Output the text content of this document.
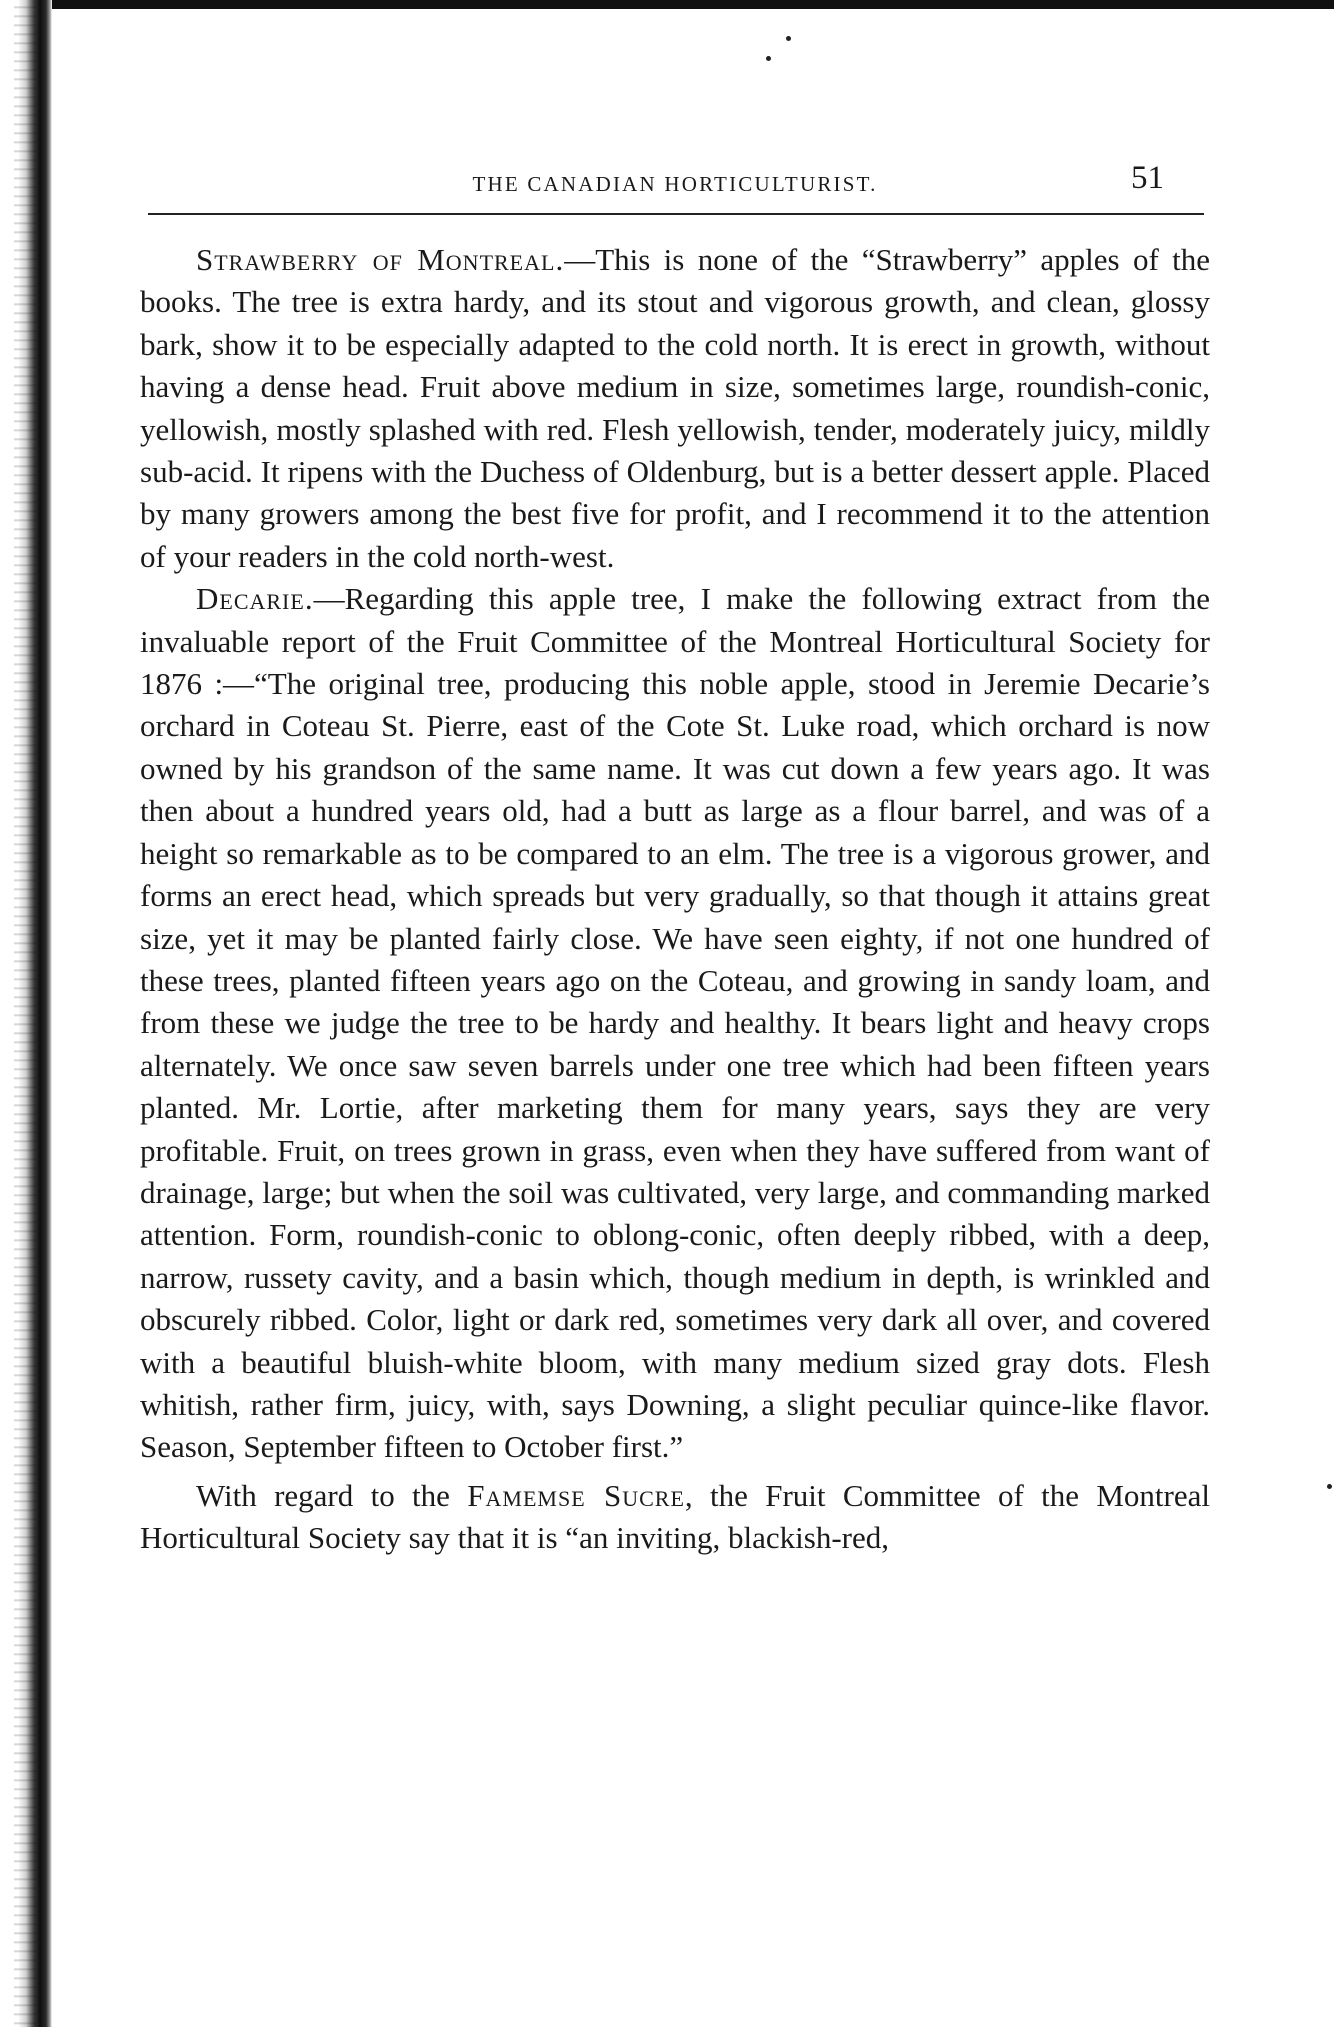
THE CANADIAN HORTICULTURIST.	51

Strawberry of Montreal.—This is none of the “Strawberry” apples of the books. The tree is extra hardy, and its stout and vigorous growth, and clean, glossy bark, show it to be especially adapted to the cold north. It is erect in growth, without having a dense head. Fruit above medium in size, sometimes large, roundish-conic, yellowish, mostly splashed with red. Flesh yellowish, tender, moderately juicy, mildly sub-acid. It ripens with the Duchess of Oldenburg, but is a better dessert apple. Placed by many growers among the best five for profit, and I recommend it to the attention of your readers in the cold north-west.

Decarie.—Regarding this apple tree, I make the following extract from the invaluable report of the Fruit Committee of the Montreal Horticultural Society for 1876 :—“The original tree, producing this noble apple, stood in Jeremie Decarie’s orchard in Coteau St. Pierre, east of the Cote St. Luke road, which orchard is now owned by his grandson of the same name. It was cut down a few years ago. It was then about a hundred years old, had a butt as large as a flour barrel, and was of a height so remarkable as to be compared to an elm. The tree is a vigorous grower, and forms an erect head, which spreads but very gradually, so that though it attains great size, yet it may be planted fairly close. We have seen eighty, if not one hundred of these trees, planted fifteen years ago on the Coteau, and growing in sandy loam, and from these we judge the tree to be hardy and healthy. It bears light and heavy crops alternately. We once saw seven barrels under one tree which had been fifteen years planted. Mr. Lortie, after marketing them for many years, says they are very profitable. Fruit, on trees grown in grass, even when they have suffered from want of drainage, large; but when the soil was cultivated, very large, and commanding marked attention. Form, roundish-conic to oblong-conic, often deeply ribbed, with a deep, narrow, russety cavity, and a basin which, though medium in depth, is wrinkled and obscurely ribbed. Color, light or dark red, sometimes very dark all over, and covered with a beautiful bluish-white bloom, with many medium sized gray dots. Flesh whitish, rather firm, juicy, with, says Downing, a slight peculiar quince-like flavor. Season, September fifteen to October first.”

With regard to the Famemse Sucre, the Fruit Committee of the Montreal Horticultural Society say that it is “an inviting, blackish-red,
